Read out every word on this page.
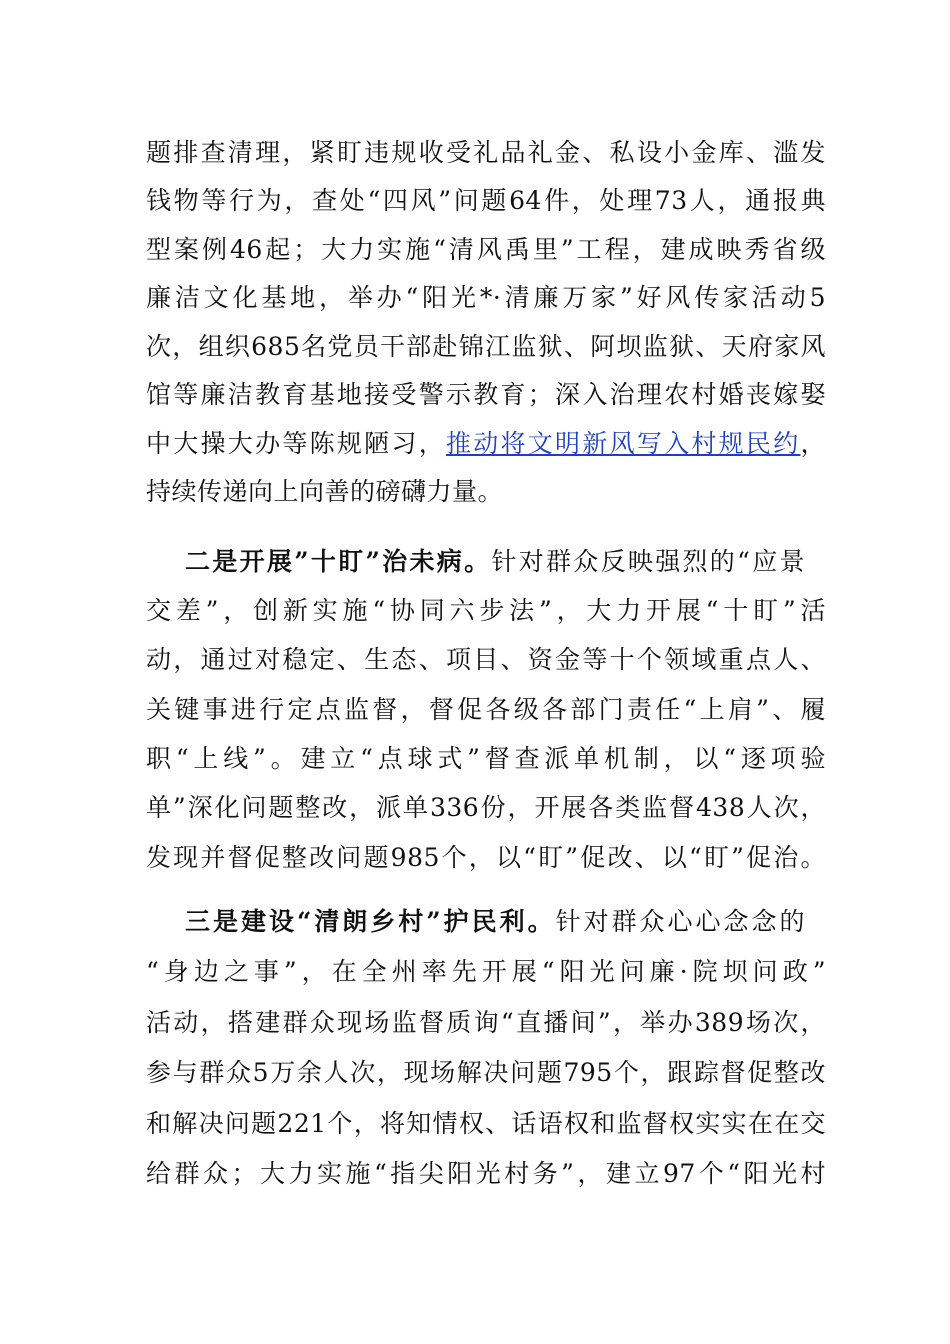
题排查清理，紧盯违规收受礼品礼金、私设小金库、滥发
钱物等行为，查处“四风”问题64件，处理73人，通报典
型案例46起；大力实施“清风禹里”工程，建成映秀省级
廉洁文化基地，举办“阳光*·清廉万家”好风传家活动5
次，组织685名党员干部赴锦江监狱、阿坝监狱、天府家风
馆等廉洁教育基地接受警示教育；深入治理农村婚丧嫁娶
中大操大办等陈规陋习，推动将文明新风写入村规民约，
持续传递向上向善的磅礴力量。
二是开展”十盯”治未病。针对群众反映强烈的“应景
交差”，创新实施“协同六步法”，大力开展“十盯”活
动，通过对稳定、生态、项目、资金等十个领域重点人、
关键事进行定点监督，督促各级各部门责任“上肩”、履
职“上线”。建立“点球式”督查派单机制，以“逐项验
单”深化问题整改，派单336份，开展各类监督438人次，
发现并督促整改问题985个，以“盯”促改、以“盯”促治。
三是建设“清朗乡村”护民利。针对群众心心念念的
“身边之事”，在全州率先开展“阳光问廉·院坝问政”
活动，搭建群众现场监督质询“直播间”，举办389场次，
参与群众5万余人次，现场解决问题795个，跟踪督促整改
和解决问题221个，将知情权、话语权和监督权实实在在交
给群众；大力实施“指尖阳光村务”，建立97个“阳光村
